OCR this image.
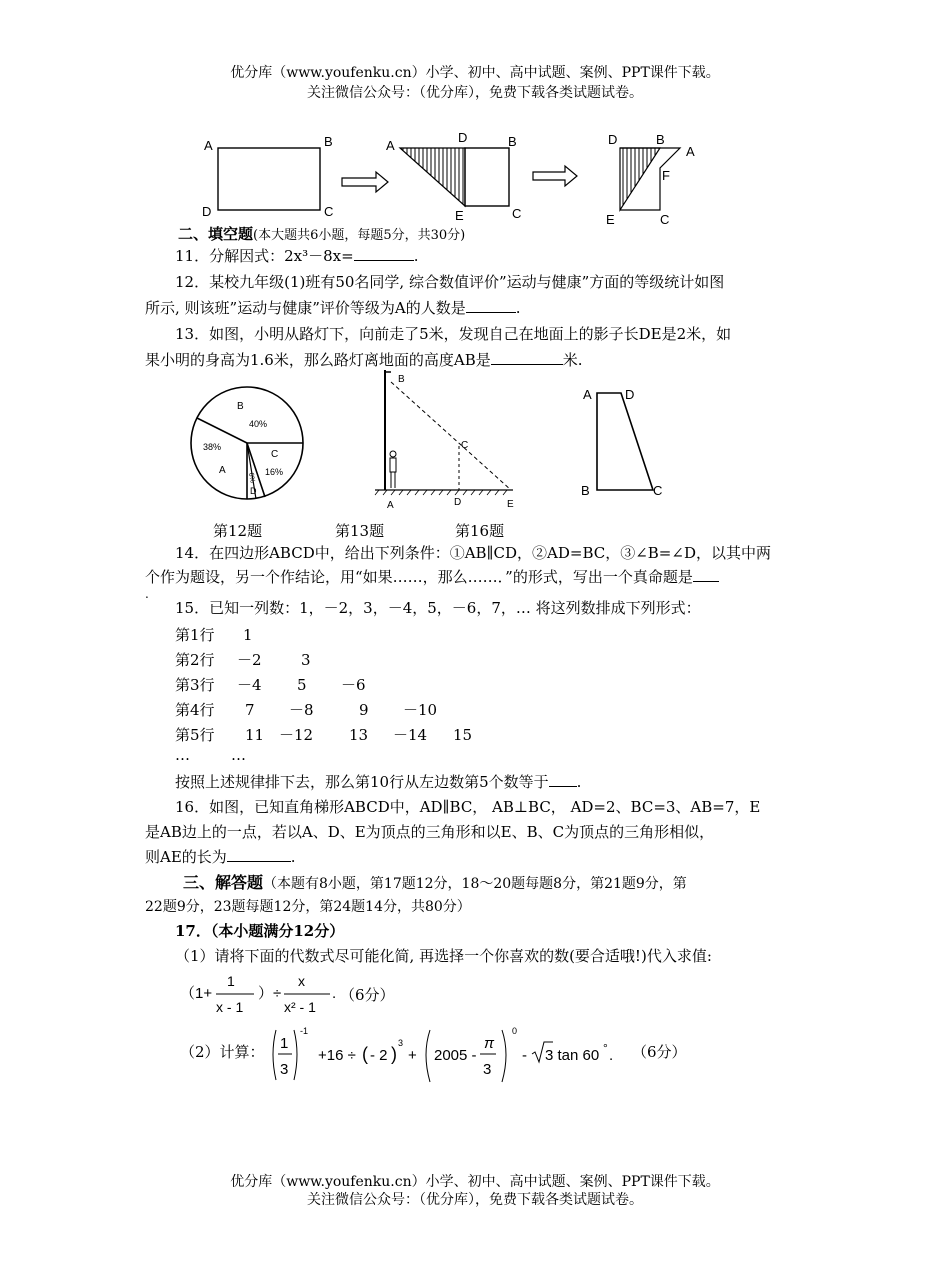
优分库（www.youfenku.cn）小学、初中、高中试题、案例、PPT课件下载。
关注微信公众号：（优分库），免费下载各类试题试卷。
A	B
D	C
A
D	B
E	C
D	B
A
F
E	C
二、填空题(本大题共6小题，每题5分，共30分)
11．分解因式：2x³－8x=	.
12．某校九年级(1)班有50名同学, 综合数值评价”运动与健康”方面的等级统计如图
所示, 则该班”运动与健康”评价等级为A的人数是	.
13．如图，小明从路灯下，向前走了5米，发现自己在地面上的影子长DE是2米，如
果小明的身高为1.6米，那么路灯离地面的高度AB是	米.
B
40%
38%
A
C
16%
6%
D
B
C
A	D	E
A	D
B	C
第12题	第13题	第16题
14．在四边形ABCD中，给出下列条件：①AB∥CD，②AD=BC，③∠B=∠D，以其中两
个作为题设，另一个作结论，用“如果……，那么……．”的形式，写出一个真命题是
.
15．已知一列数：1，－2，3，－4，5，－6，7，… 将这列数排成下列形式：
第1行 1
第2行 －2	3
第3行 －4 5 －6
第4行 7 －8	9 －10
第5行 11 －12 13 －14 15
…	…
按照上述规律排下去，那么第10行从左边数第5个数等于 .
16．如图，已知直角梯形ABCD中，AD∥BC， AB⊥BC， AD=2、BC=3、AB=7，E
是AB边上的一点，若以A、D、E为顶点的三角形和以E、B、C为顶点的三角形相似，
则AE的长为	.
三、解答题（本题有8小题，第17题12分，18～20题每题8分，第21题9分，第
22题9分，23题每题12分，第24题14分，共80分）
17．（本小题满分12分）
（1）请将下面的代数式尽可能化简, 再选择一个你喜欢的数(要合适哦!)代入求值:
（1+
1
x - 1
）÷
x
x² - 1
. （6分）
（2）计算： 1
3
-1
+16 ÷ ( - 2 )
3
+ 2005 -
π
3
0
- 3 tan 60 ° . （6分）
优分库（www.youfenku.cn）小学、初中、高中试题、案例、PPT课件下载。
关注微信公众号：（优分库），免费下载各类试题试卷。
